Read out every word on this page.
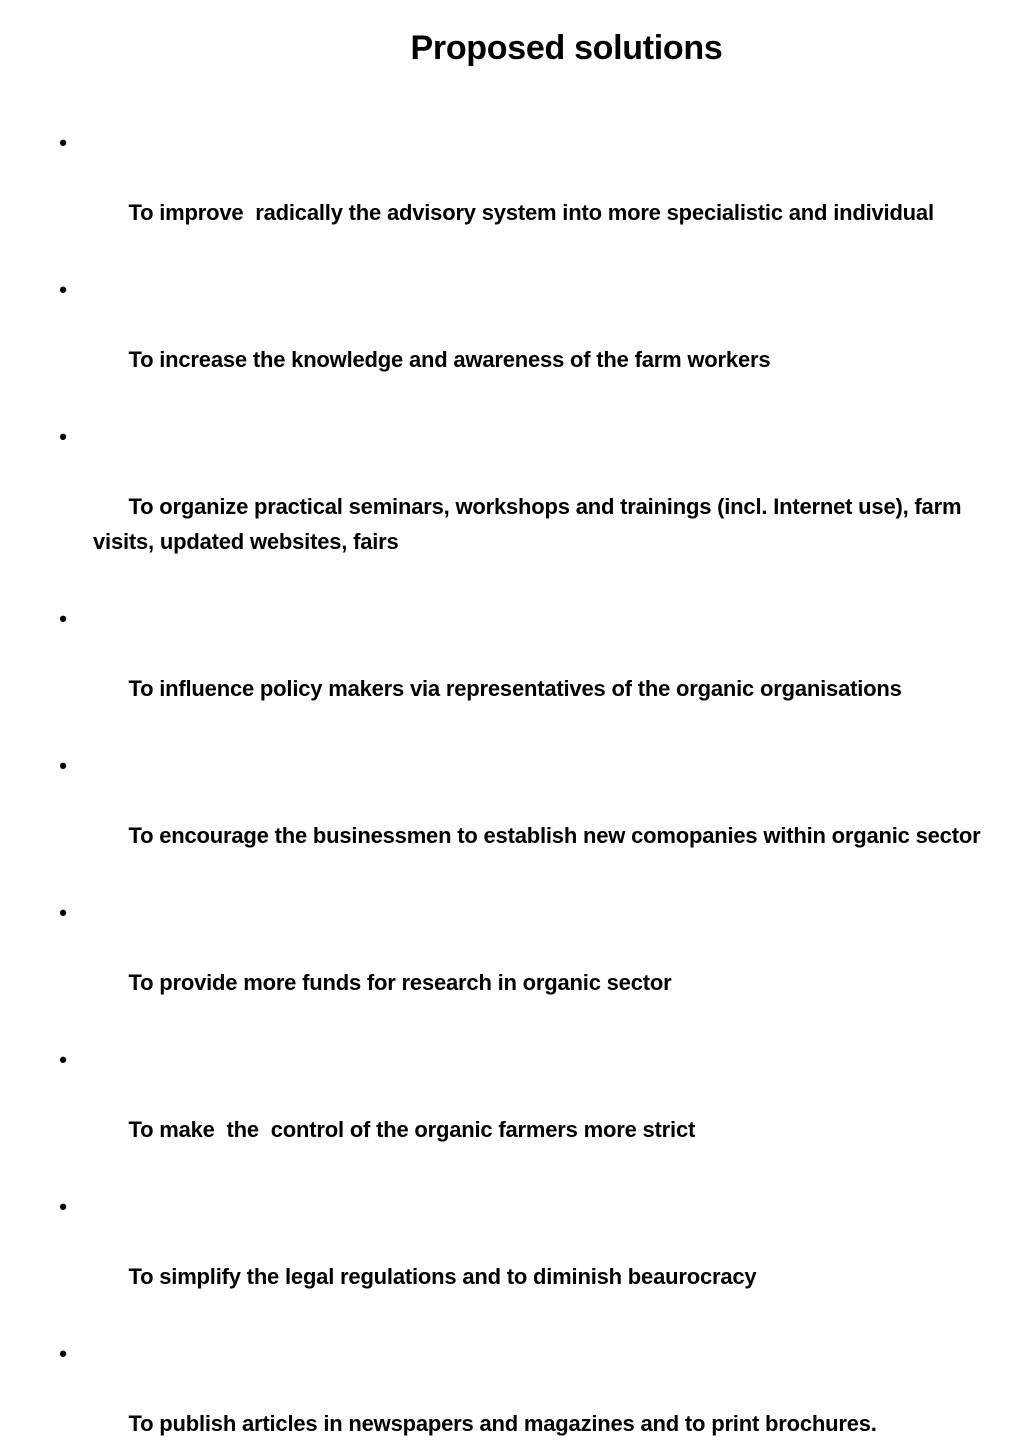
Proposed solutions

•

To improve  radically the advisory system into more specialistic and individual

•

To increase the knowledge and awareness of the farm workers

•

To organize practical seminars, workshops and trainings (incl. Internet use), farm visits, updated websites, fairs

•

To influence policy makers via representatives of the organic organisations

•

To encourage the businessmen to establish new comopanies within organic sector

•

To provide more funds for research in organic sector

•

To make  the  control of the organic farmers more strict

•

To simplify the legal regulations and to diminish beaurocracy

•

To publish articles in newspapers and magazines and to print brochures.
